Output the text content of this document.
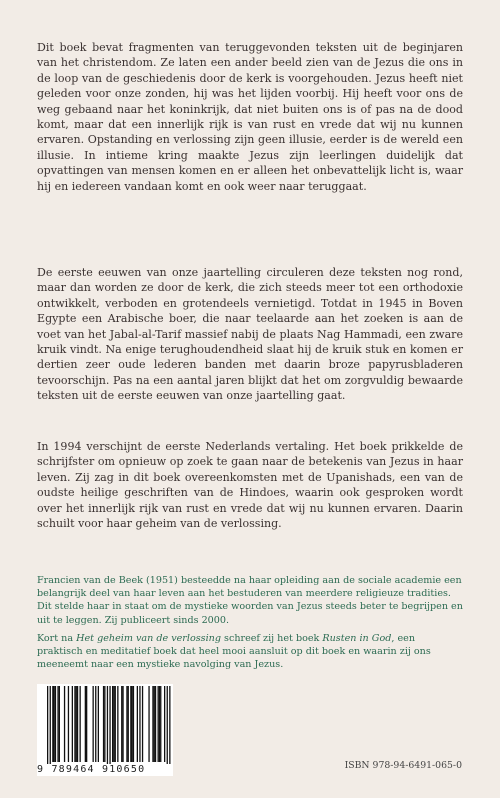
Dit boek bevat fragmenten van teruggevonden teksten uit de beginjaren van het christendom. Ze laten een ander beeld zien van de Jezus die ons in de loop van de geschiedenis door de kerk is voorgehouden. Jezus heeft niet geleden voor onze zonden, hij was het lijden voorbij. Hij heeft voor ons de weg gebaand naar het koninkrijk, dat niet buiten ons is of pas na de dood komt, maar dat een innerlijk rijk is van rust en vrede dat wij nu kunnen ervaren. Opstanding en verlossing zijn geen illusie, eerder is de wereld een illusie. In intieme kring maakte Jezus zijn leerlingen duidelijk dat opvattingen van mensen komen en er alleen het onbevattelijk licht is, waar hij en iedereen vandaan komt en ook weer naar teruggaat.

De eerste eeuwen van onze jaartelling circuleren deze teksten nog rond, maar dan worden ze door de kerk, die zich steeds meer tot een orthodoxie ontwikkelt, verboden en grotendeels vernietigd. Totdat in 1945 in Boven Egypte een Arabische boer, die naar teelaarde aan het zoeken is aan de voet van het Jabal-al-Tarif massief nabij de plaats Nag Hammadi, een zware kruik vindt. Na enige terughoudendheid slaat hij de kruik stuk en komen er dertien zeer oude lederen banden met daarin broze papyrusbladeren tevoorschijn. Pas na een aantal jaren blijkt dat het om zorgvuldig bewaarde teksten uit de eerste eeuwen van onze jaartelling gaat.

In 1994 verschijnt de eerste Nederlands vertaling. Het boek prikkelde de schrijfster om opnieuw op zoek te gaan naar de betekenis van Jezus in haar leven. Zij zag in dit boek overeenkomsten met de Upanishads, een van de oudste heilige geschriften van de Hindoes, waarin ook gesproken wordt over het innerlijk rijk van rust en vrede dat wij nu kunnen ervaren. Daarin schuilt voor haar geheim van de verlossing.

Francien van de Beek (1951) besteedde na haar opleiding aan de sociale academie een belangrijk deel van haar leven aan het bestuderen van meerdere religieuze tradities. Dit stelde haar in staat om de mystieke woorden van Jezus steeds beter te begrijpen en uit te leggen. Zij publiceert sinds 2000.

Kort na Het geheim van de verlossing schreef zij het boek Rusten in God, een praktisch en meditatief boek dat heel mooi aansluit op dit boek en waarin zij ons meeneemt naar een mystieke navolging van Jezus.

9 789464 910650	ISBN 978-94-6491-065-0
